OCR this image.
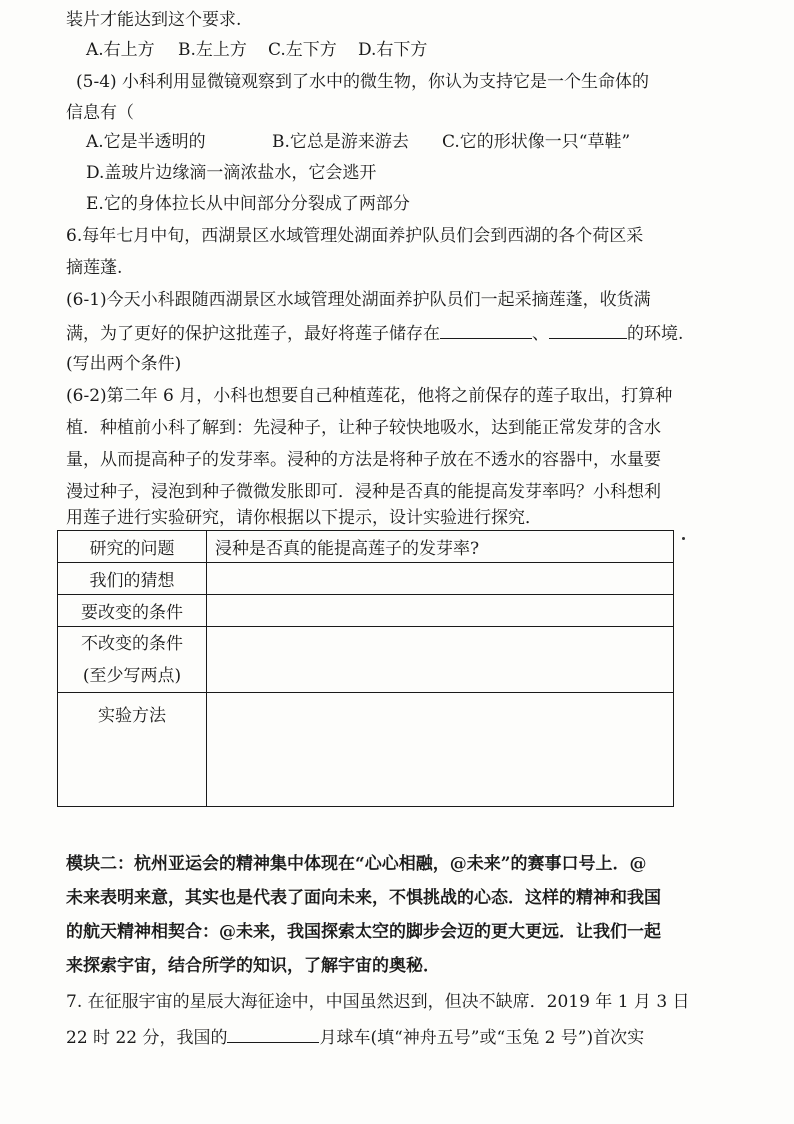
装片才能达到这个要求.
A.右上方 B.左上方 C.左下方 D.右下方
(5-4) 小科利用显微镜观察到了水中的微生物，你认为支持它是一个生命体的
信息有（
A.它是半透明的	B.它总是游来游去 C.它的形状像一只“草鞋”
D.盖玻片边缘滴一滴浓盐水，它会逃开
E.它的身体拉长从中间部分分裂成了两部分
6.每年七月中旬，西湖景区水域管理处湖面养护队员们会到西湖的各个荷区采
摘莲蓬.
(6-1)今天小科跟随西湖景区水域管理处湖面养护队员们一起采摘莲蓬，收货满
满，为了更好的保护这批莲子，最好将莲子储存在	、	的环境.
(写出两个条件)
(6-2)第二年 6 月，小科也想要自己种植莲花，他将之前保存的莲子取出，打算种
植．种植前小科了解到：先浸种子，让种子较快地吸水，达到能正常发芽的含水
量，从而提高种子的发芽率。浸种的方法是将种子放在不透水的容器中，水量要
漫过种子，浸泡到种子微微发胀即可．浸种是否真的能提高发芽率吗？小科想利
用莲子进行实验研究，请你根据以下提示，设计实验进行探究．
研究的问题	浸种是否真的能提高莲子的发芽率?
我们的猜想	
要改变的条件	

不改变的条件
(至少写两点)	

实验方法	
模块二：杭州亚运会的精神集中体现在“心心相融，@未来”的赛事口号上．@
未来表明来意，其实也是代表了面向未来，不惧挑战的心态．这样的精神和我国
的航天精神相契合：@未来，我国探索太空的脚步会迈的更大更远．让我们一起
来探索宇宙，结合所学的知识，了解宇宙的奥秘．
7. 在征服宇宙的星辰大海征途中，中国虽然迟到，但决不缺席．2019 年 1 月 3 日
22 时 22 分，我国的	月球车(填“神舟五号”或“玉兔 2 号”)首次实
